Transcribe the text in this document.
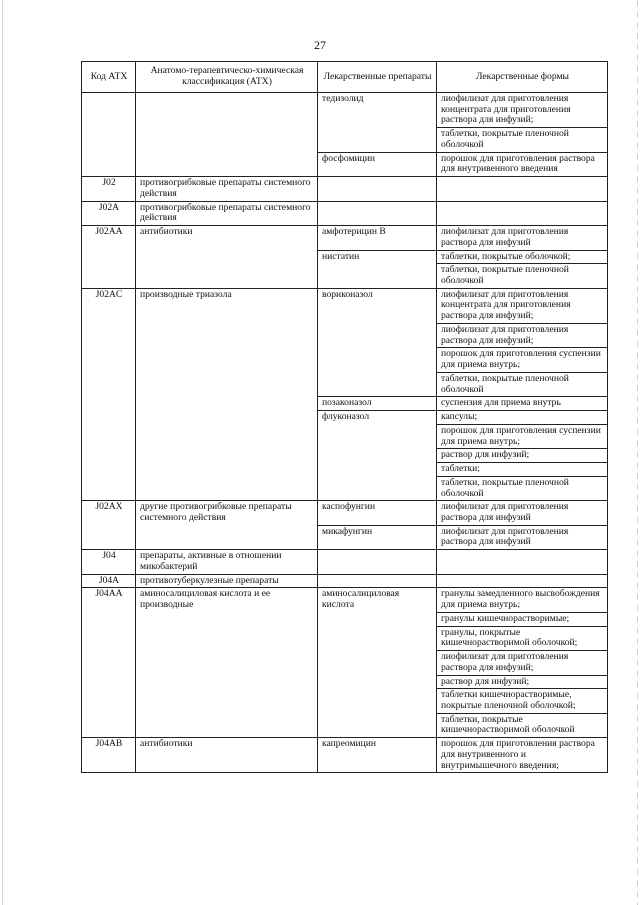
27
Код АТХ	Анатомо-терапевтическо-химическая классификация (АТХ)	Лекарственные препараты	Лекарственные формы
		тедизолид	лиофилизат для приготовления концентрата для приготовления раствора для инфузий;
			таблетки, покрытые пленочной оболочкой
		фосфомицин	порошок для приготовления раствора для внутривенного введения
J02	противогрибковые препараты системного действия		
J02A	противогрибковые препараты системного действия		
J02AA	антибиотики	амфотерицин В	лиофилизат для приготовления раствора для инфузий
		нистатин	таблетки, покрытые оболочкой;
			таблетки, покрытые пленочной оболочкой
J02AC	производные триазола	вориконазол	лиофилизат для приготовления концентрата для приготовления раствора для инфузий;
			лиофилизат для приготовления раствора для инфузий;
			порошок для приготовления суспензии для приема внутрь;
			таблетки, покрытые пленочной оболочкой
		позаконазол	суспензия для приема внутрь
		флуконазол	капсулы;
			порошок для приготовления суспензии для приема внутрь;
			раствор для инфузий;
			таблетки;
			таблетки, покрытые пленочной оболочкой
J02AX	другие противогрибковые препараты системного действия	каспофунгин	лиофилизат для приготовления раствора для инфузий
		микафунгин	лиофилизат для приготовления раствора для инфузий
J04	препараты, активные в отношении микобактерий		
J04A	противотуберкулезные препараты		
J04AA	аминосалициловая кислота и ее производные	аминосалициловая кислота	гранулы замедленного высвобождения для приема внутрь;
			гранулы кишечнорастворимые;
			гранулы, покрытые кишечнорастворимой оболочкой;
			лиофилизат для приготовления раствора для инфузий;
			раствор для инфузий;
			таблетки кишечнорастворимые, покрытые пленочной оболочкой;
			таблетки, покрытые кишечнорастворимой оболочкой
J04AB	антибиотики	капреомицин	порошок для приготовления раствора для внутривенного и внутримышечного введения;
